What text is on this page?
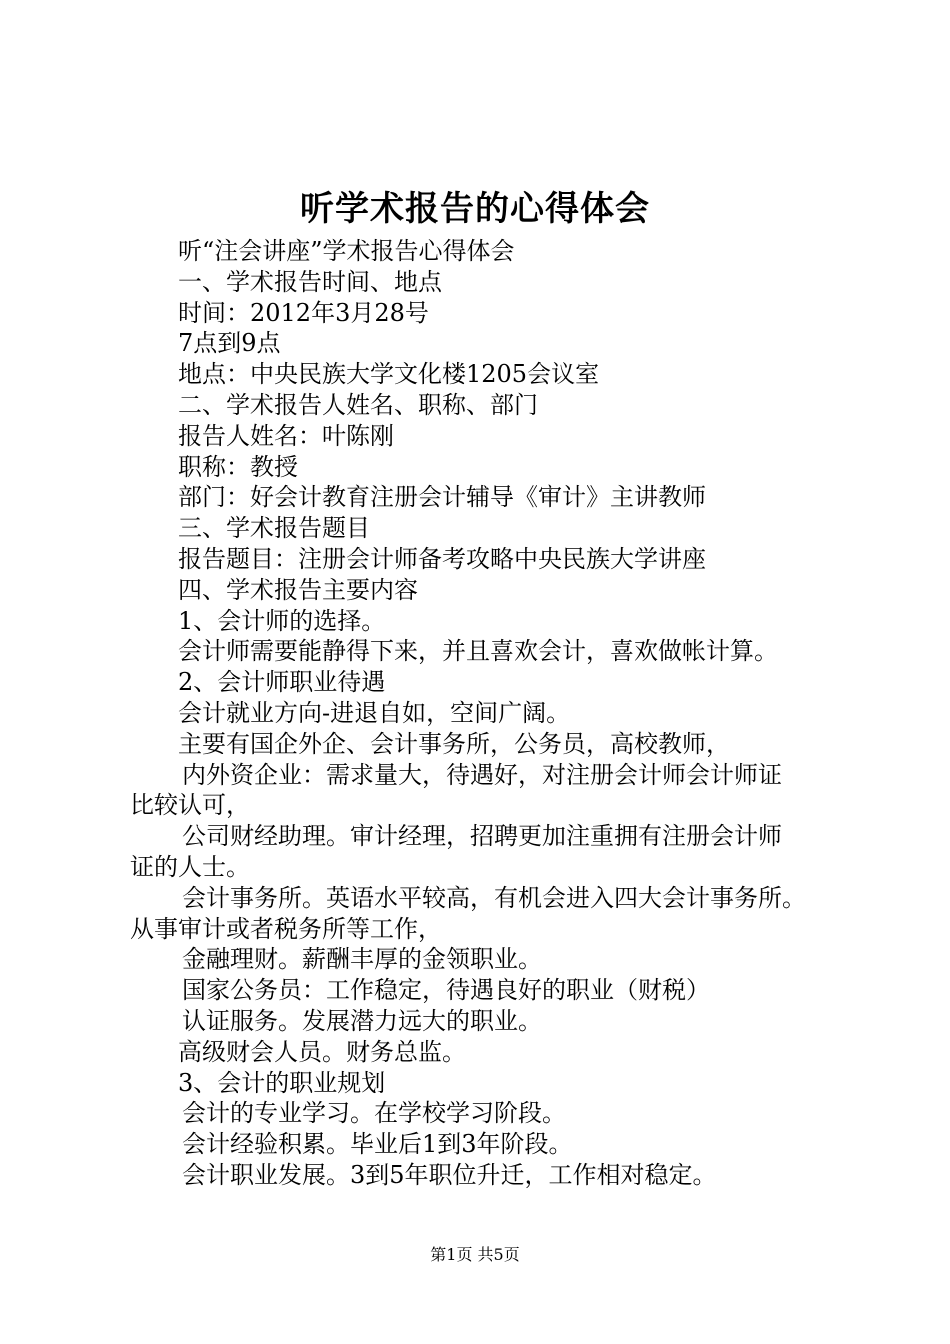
听学术报告的心得体会
听“注会讲座”学术报告心得体会
一、学术报告时间、地点
时间：2012年3月28号
7点到9点
地点：中央民族大学文化楼1205会议室
二、学术报告人姓名、职称、部门
报告人姓名：叶陈刚
职称：教授
部门：好会计教育注册会计辅导《审计》主讲教师
三、学术报告题目
报告题目：注册会计师备考攻略中央民族大学讲座
四、学术报告主要内容
1、会计师的选择。
会计师需要能静得下来，并且喜欢会计，喜欢做帐计算。
2、会计师职业待遇
会计就业方向-进退自如，空间广阔。
主要有国企外企、会计事务所，公务员，高校教师，
内外资企业：需求量大，待遇好，对注册会计师会计师证
比较认可，
公司财经助理。审计经理，招聘更加注重拥有注册会计师
证的人士。
会计事务所。英语水平较高，有机会进入四大会计事务所。
从事审计或者税务所等工作，
金融理财。薪酬丰厚的金领职业。
国家公务员：工作稳定，待遇良好的职业（财税）
认证服务。发展潜力远大的职业。
高级财会人员。财务总监。
3、会计的职业规划
会计的专业学习。在学校学习阶段。
会计经验积累。毕业后1到3年阶段。
会计职业发展。3到5年职位升迁，工作相对稳定。
第1页 共5页
